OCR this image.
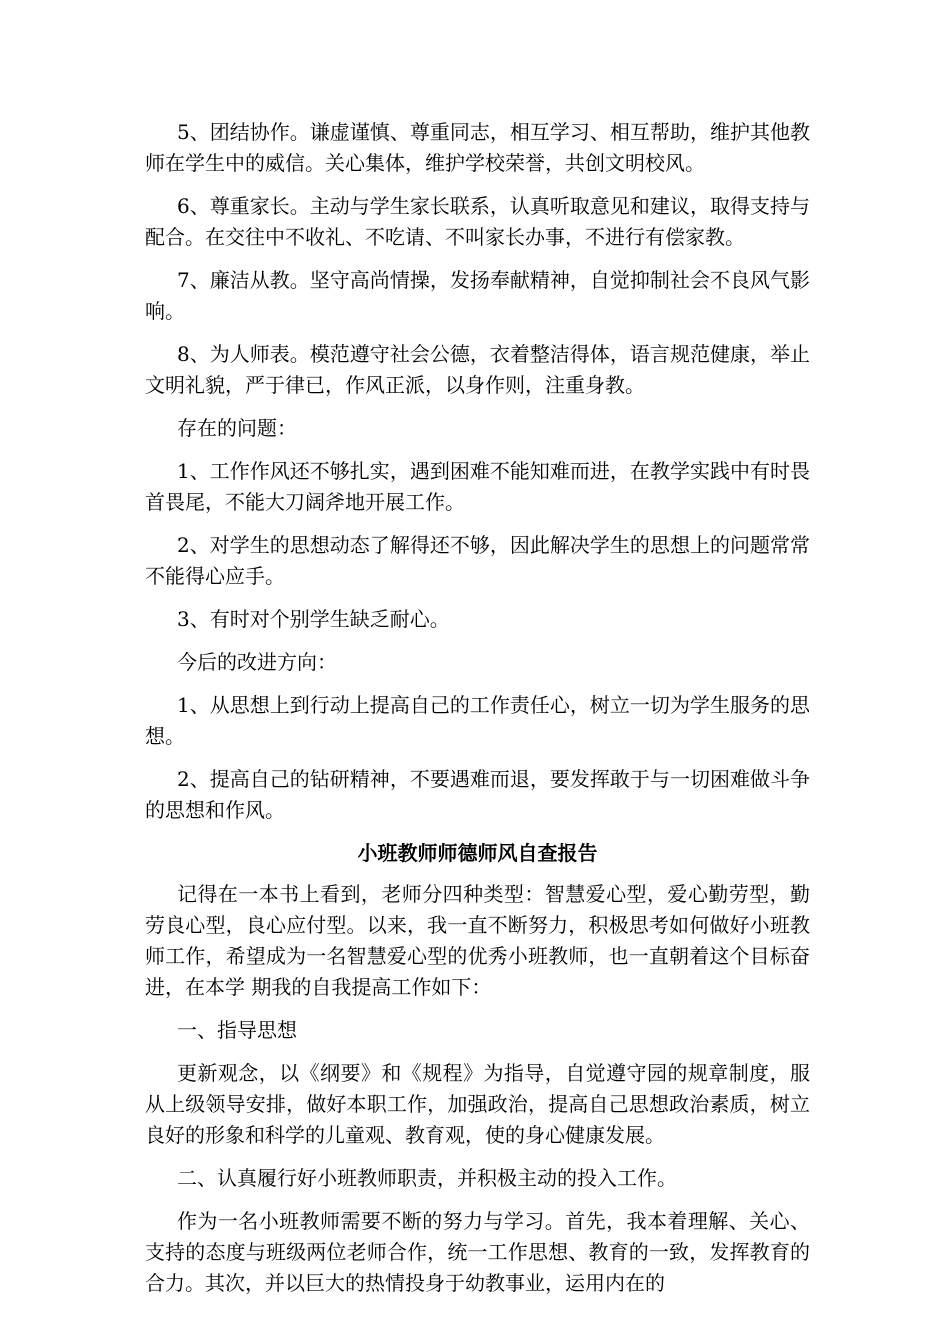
5、团结协作。谦虚谨慎、尊重同志，相互学习、相互帮助，维护其他教师在学生中的威信。关心集体，维护学校荣誉，共创文明校风。

6、尊重家长。主动与学生家长联系，认真听取意见和建议，取得支持与配合。在交往中不收礼、不吃请、不叫家长办事，不进行有偿家教。

7、廉洁从教。坚守高尚情操，发扬奉献精神，自觉抑制社会不良风气影响。

8、为人师表。模范遵守社会公德，衣着整洁得体，语言规范健康，举止文明礼貌，严于律已，作风正派，以身作则，注重身教。

存在的问题：

1、工作作风还不够扎实，遇到困难不能知难而进，在教学实践中有时畏首畏尾，不能大刀阔斧地开展工作。

2、对学生的思想动态了解得还不够，因此解决学生的思想上的问题常常不能得心应手。

3、有时对个别学生缺乏耐心。

今后的改进方向：

1、从思想上到行动上提高自己的工作责任心，树立一切为学生服务的思想。

2、提高自己的钻研精神，不要遇难而退，要发挥敢于与一切困难做斗争的思想和作风。

小班教师师德师风自查报告

记得在一本书上看到，老师分四种类型：智慧爱心型，爱心勤劳型，勤劳良心型，良心应付型。以来，我一直不断努力，积极思考如何做好小班教师工作，希望成为一名智慧爱心型的优秀小班教师，也一直朝着这个目标奋进，在本学 期我的自我提高工作如下：

一、指导思想

更新观念，以《纲要》和《规程》为指导，自觉遵守园的规章制度，服从上级领导安排，做好本职工作，加强政治，提高自己思想政治素质，树立良好的形象和科学的儿童观、教育观，使的身心健康发展。

二、认真履行好小班教师职责，并积极主动的投入工作。

作为一名小班教师需要不断的努力与学习。首先，我本着理解、关心、支持的态度与班级两位老师合作，统一工作思想、教育的一致，发挥教育的合力。其次，并以巨大的热情投身于幼教事业，运用内在的
